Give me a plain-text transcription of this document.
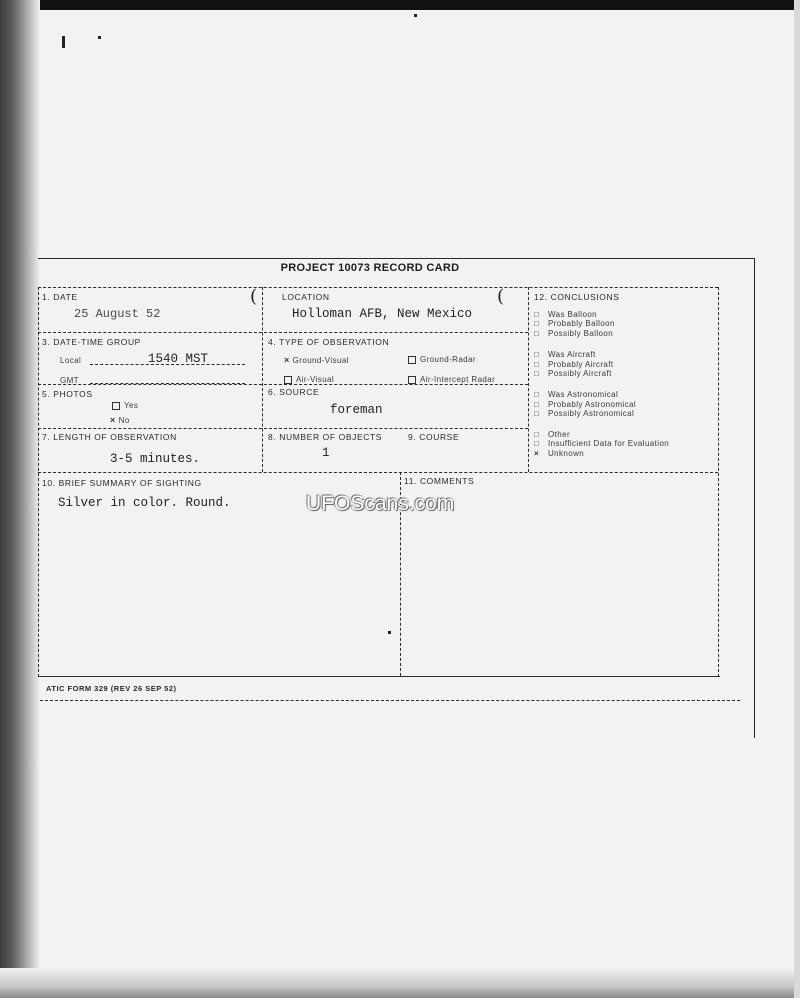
PROJECT 10073 RECORD CARD
1. DATE
25 August 52
(	LOCATION
Holloman AFB, New Mexico
(
3. DATE-TIME GROUP
Local	1540 MST
GMT
4. TYPE OF OBSERVATION
× Ground-Visual	Ground-Radar
Air-Visual	Air-Intercept Radar
5. PHOTOS
Yes
× No
6. SOURCE
foreman
7. LENGTH OF OBSERVATION
3-5 minutes.
8. NUMBER OF OBJECTS
1
9. COURSE
10. BRIEF SUMMARY OF SIGHTING
Silver in color. Round.
11. COMMENTS
12. CONCLUSIONS
□ Was Balloon
□ Probably Balloon
□ Possibly Balloon
□ Was Aircraft
□ Probably Aircraft
□ Possibly Aircraft
□ Was Astronomical
□ Probably Astronomical
□ Possibly Astronomical
□ Other
□ Insufficient Data for Evaluation
× Unknown
ATIC FORM 329 (REV 26 SEP 52)
UFOScans.com
